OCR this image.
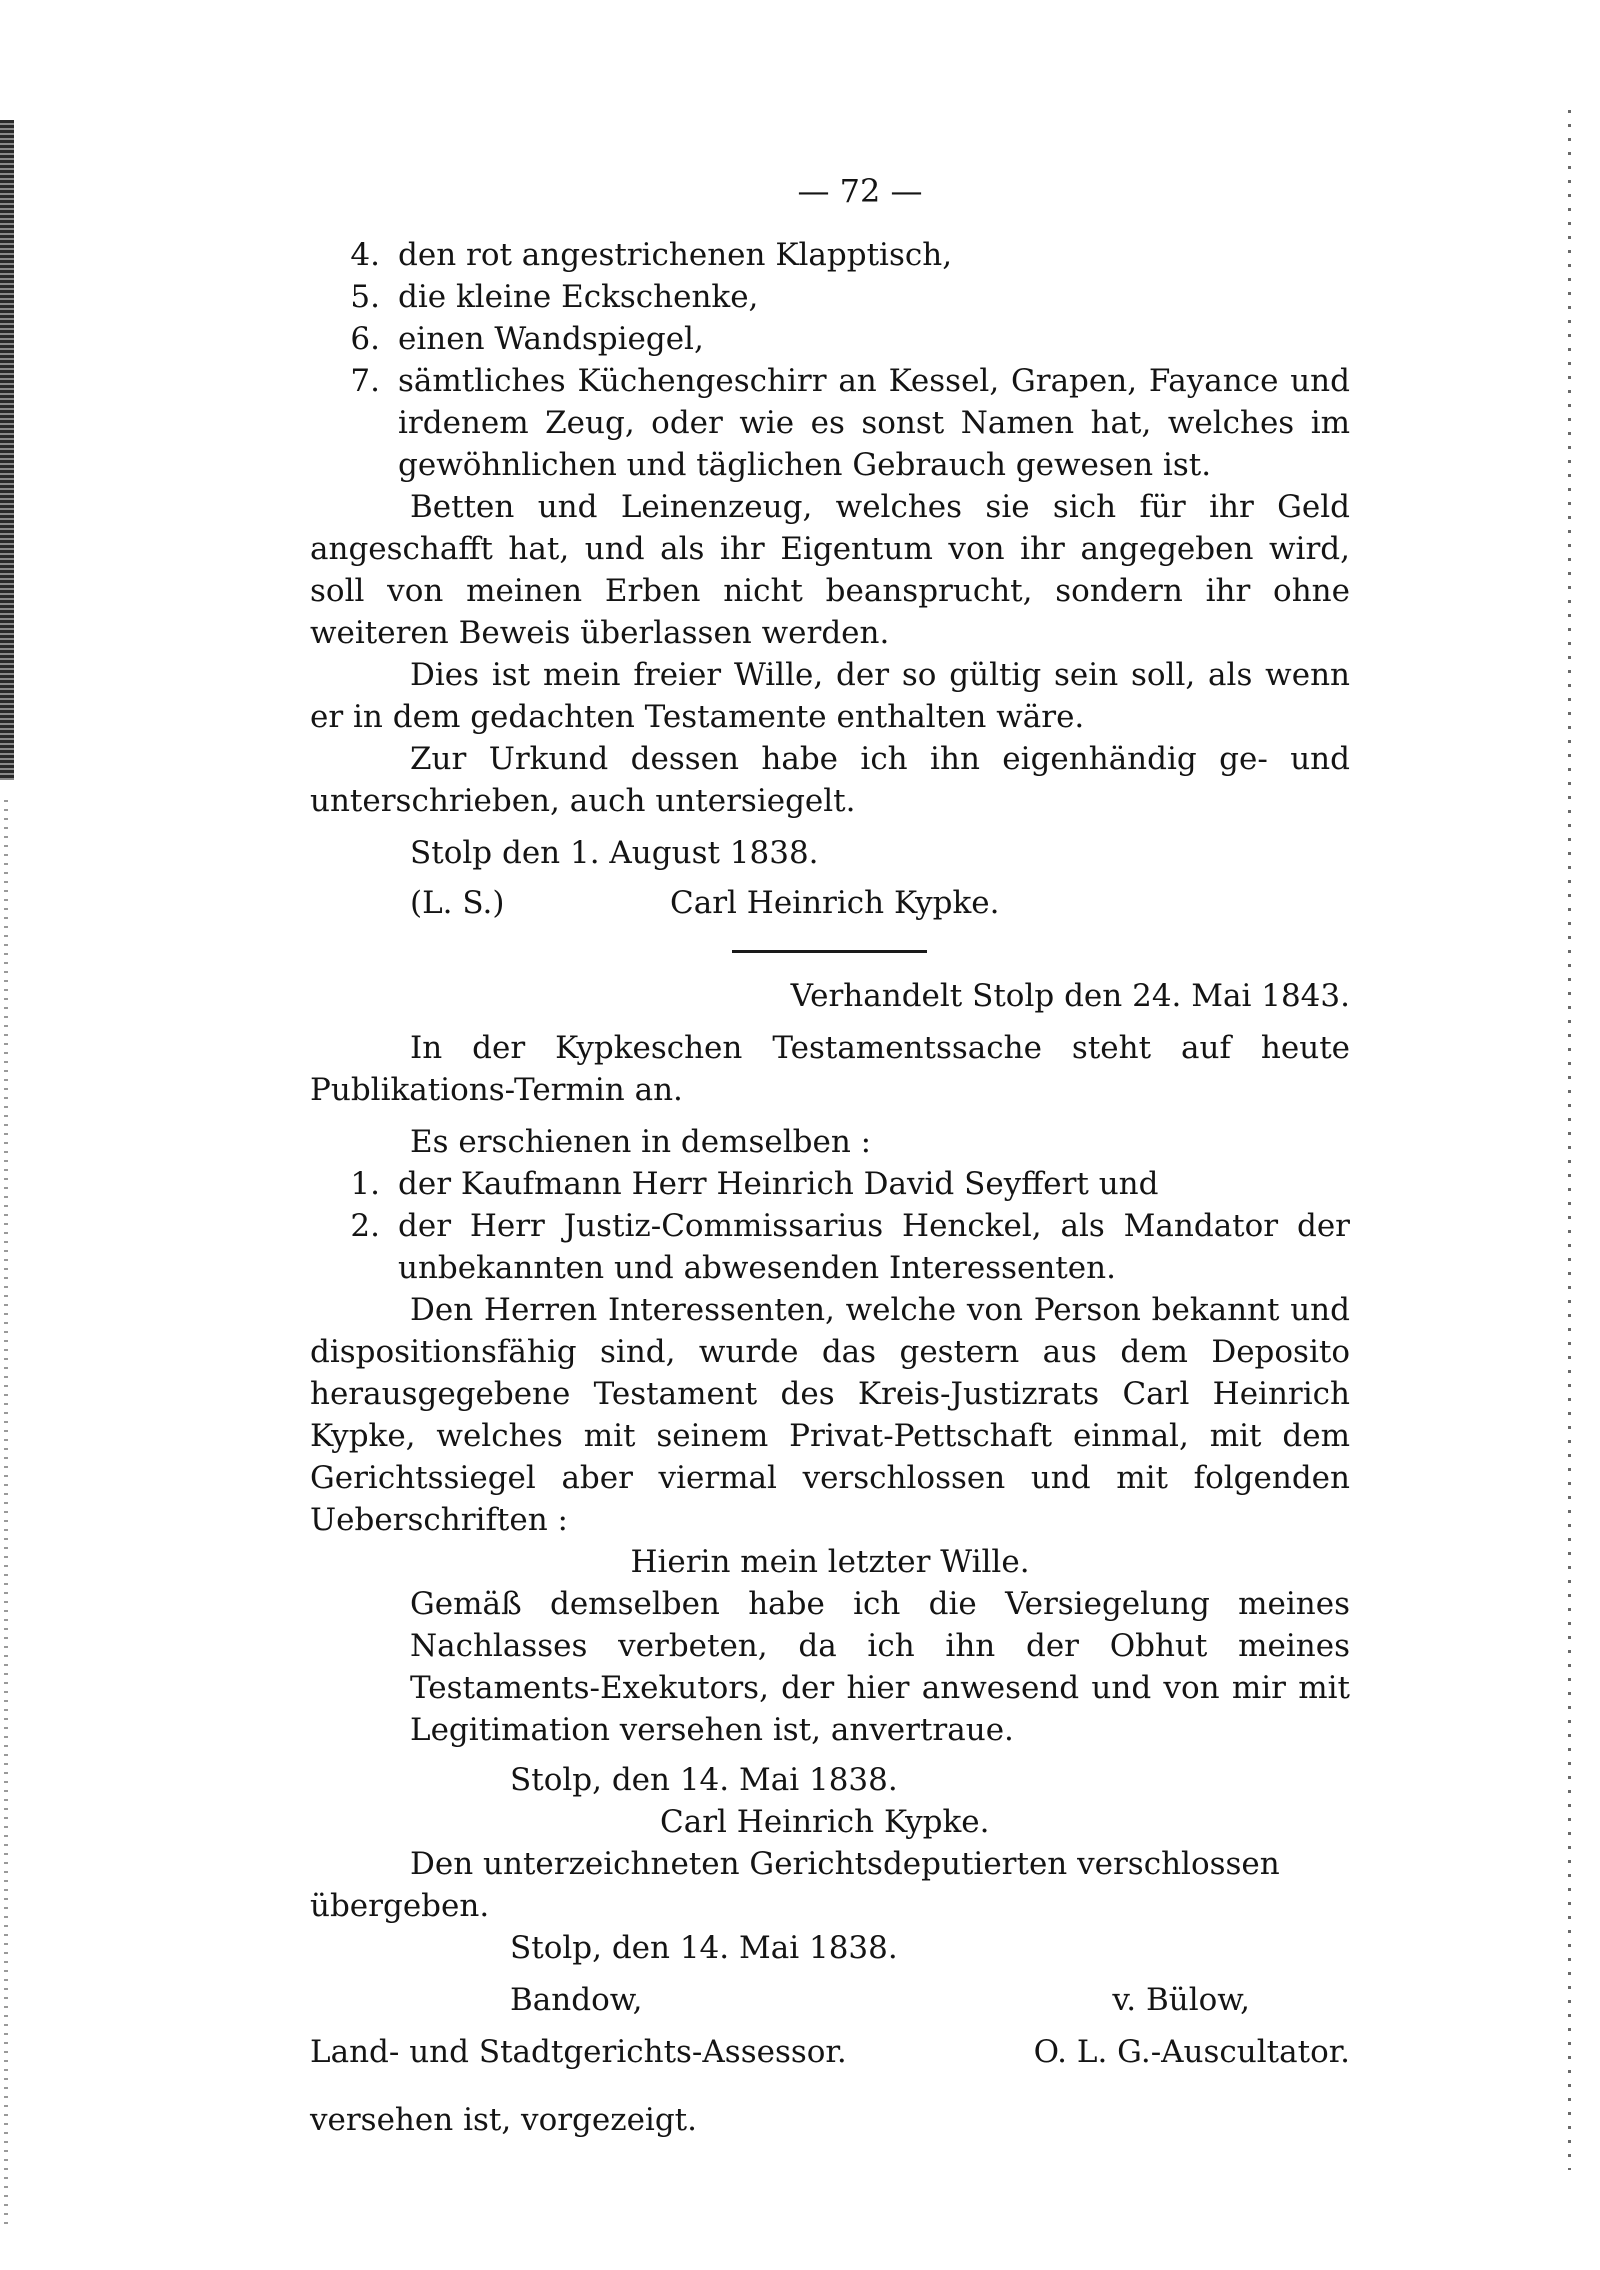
— 72 —
4. den rot angestrichenen Klapptisch,
5. die kleine Eckschenke,
6. einen Wandspiegel,
7. sämtliches Küchengeschirr an Kessel, Grapen, Fayance und irdenem Zeug, oder wie es sonst Namen hat, welches im gewöhnlichen und täglichen Gebrauch gewesen ist.
Betten und Leinenzeug, welches sie sich für ihr Geld angeschafft hat, und als ihr Eigentum von ihr angegeben wird, soll von meinen Erben nicht beansprucht, sondern ihr ohne weiteren Beweis überlassen werden.
Dies ist mein freier Wille, der so gültig sein soll, als wenn er in dem gedachten Testamente enthalten wäre.
Zur Urkund dessen habe ich ihn eigenhändig ge- und unterschrieben, auch untersiegelt.
Stolp den 1. August 1838.
(L. S.)	Carl Heinrich Kypke.
Verhandelt Stolp den 24. Mai 1843.
In der Kypkeschen Testamentssache steht auf heute Publikations-Termin an.
Es erschienen in demselben :
1. der Kaufmann Herr Heinrich David Seyffert und
2. der Herr Justiz-Commissarius Henckel, als Mandator der unbekannten und abwesenden Interessenten.
Den Herren Interessenten, welche von Person bekannt und dispositionsfähig sind, wurde das gestern aus dem Deposito herausgegebene Testament des Kreis-Justizrats Carl Heinrich Kypke, welches mit seinem Privat-Pettschaft einmal, mit dem Gerichtssiegel aber viermal verschlossen und mit folgenden Ueberschriften :
Hierin mein letzter Wille.
Gemäß demselben habe ich die Versiegelung meines Nachlasses verbeten, da ich ihn der Obhut meines Testaments-Exekutors, der hier anwesend und von mir mit Legitimation versehen ist, anvertraue.
Stolp, den 14. Mai 1838.
Carl Heinrich Kypke.
Den unterzeichneten Gerichtsdeputierten verschlossen übergeben.
Stolp, den 14. Mai 1838.
Bandow,	v. Bülow,
Land- und Stadtgerichts-Assessor.	O. L. G.-Auscultator.
versehen ist, vorgezeigt.
